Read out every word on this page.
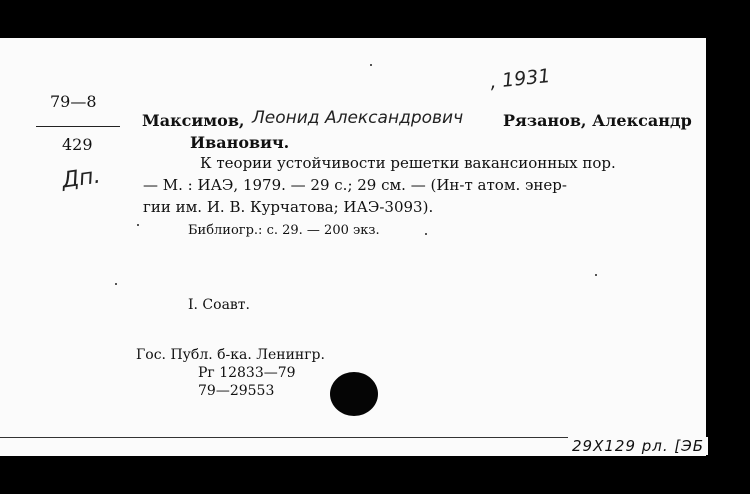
79—8
429
, 1931
Максимов, Леонид Александрович Рязанов, Александр
Иванович.
Дп.
К теории устойчивости решетки вакансионных пор.
— М. : ИАЭ, 1979. — 29 с.; 29 см. — (Ин-т атом. энер-
гии им. И. В. Курчатова; ИАЭ-3093).
Библиогр.: с. 29. — 200 экз.
I. Соавт.
Гос. Публ. б-ка. Ленингр.
Рг 12833—79
79—29553
29X129 рл. [ЭБ
